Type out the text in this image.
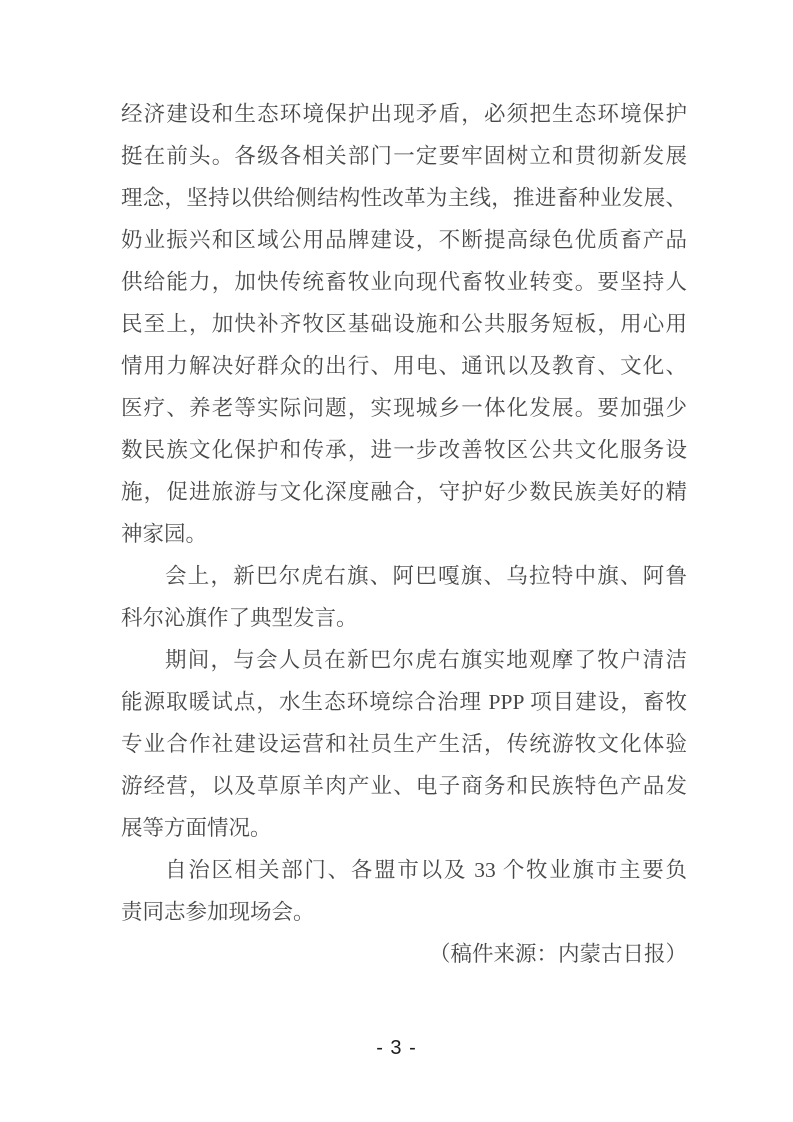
经济建设和生态环境保护出现矛盾，必须把生态环境保护
挺在前头。各级各相关部门一定要牢固树立和贯彻新发展
理念，坚持以供给侧结构性改革为主线，推进畜种业发展、
奶业振兴和区域公用品牌建设，不断提高绿色优质畜产品
供给能力，加快传统畜牧业向现代畜牧业转变。要坚持人
民至上，加快补齐牧区基础设施和公共服务短板，用心用
情用力解决好群众的出行、用电、通讯以及教育、文化、
医疗、养老等实际问题，实现城乡一体化发展。要加强少
数民族文化保护和传承，进一步改善牧区公共文化服务设
施，促进旅游与文化深度融合，守护好少数民族美好的精
神家园。
会上，新巴尔虎右旗、阿巴嘎旗、乌拉特中旗、阿鲁
科尔沁旗作了典型发言。
期间，与会人员在新巴尔虎右旗实地观摩了牧户清洁
能源取暖试点，水生态环境综合治理 PPP 项目建设，畜牧
专业合作社建设运营和社员生产生活，传统游牧文化体验
游经营，以及草原羊肉产业、电子商务和民族特色产品发
展等方面情况。
自治区相关部门、各盟市以及 33 个牧业旗市主要负
责同志参加现场会。
（稿件来源：内蒙古日报）
- 3 -
